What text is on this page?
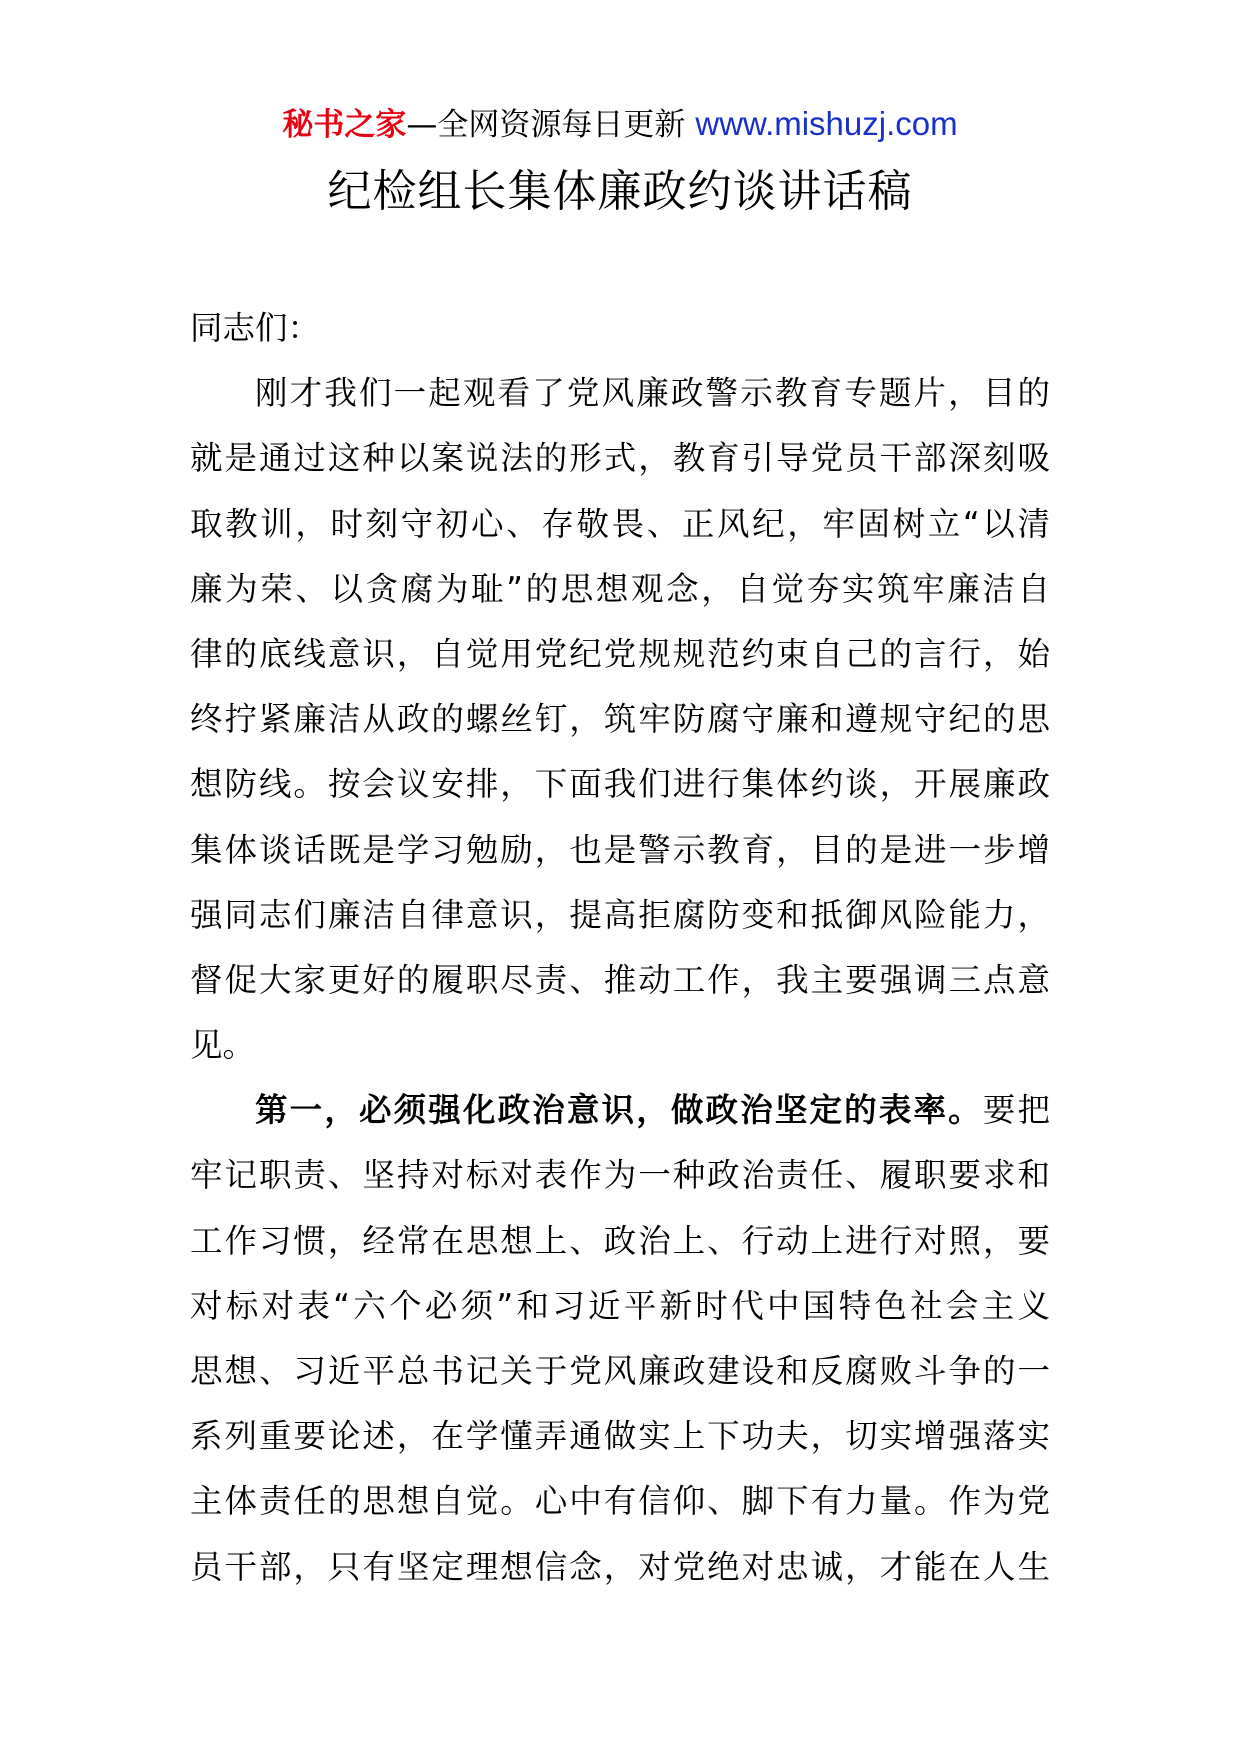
秘书之家—全网资源每日更新 www.mishuzj.com
纪检组长集体廉政约谈讲话稿
同志们：
刚才我们一起观看了党风廉政警示教育专题片，目的
就是通过这种以案说法的形式，教育引导党员干部深刻吸
取教训，时刻守初心、存敬畏、正风纪，牢固树立“以清
廉为荣、以贪腐为耻”的思想观念，自觉夯实筑牢廉洁自
律的底线意识，自觉用党纪党规规范约束自己的言行，始
终拧紧廉洁从政的螺丝钉，筑牢防腐守廉和遵规守纪的思
想防线。按会议安排，下面我们进行集体约谈，开展廉政
集体谈话既是学习勉励，也是警示教育，目的是进一步增
强同志们廉洁自律意识，提高拒腐防变和抵御风险能力，
督促大家更好的履职尽责、推动工作，我主要强调三点意
见。
第一，必须强化政治意识，做政治坚定的表率。要把
牢记职责、坚持对标对表作为一种政治责任、履职要求和
工作习惯，经常在思想上、政治上、行动上进行对照，要
对标对表“六个必须”和习近平新时代中国特色社会主义
思想、习近平总书记关于党风廉政建设和反腐败斗争的一
系列重要论述，在学懂弄通做实上下功夫，切实增强落实
主体责任的思想自觉。心中有信仰、脚下有力量。作为党
员干部，只有坚定理想信念，对党绝对忠诚，才能在人生
